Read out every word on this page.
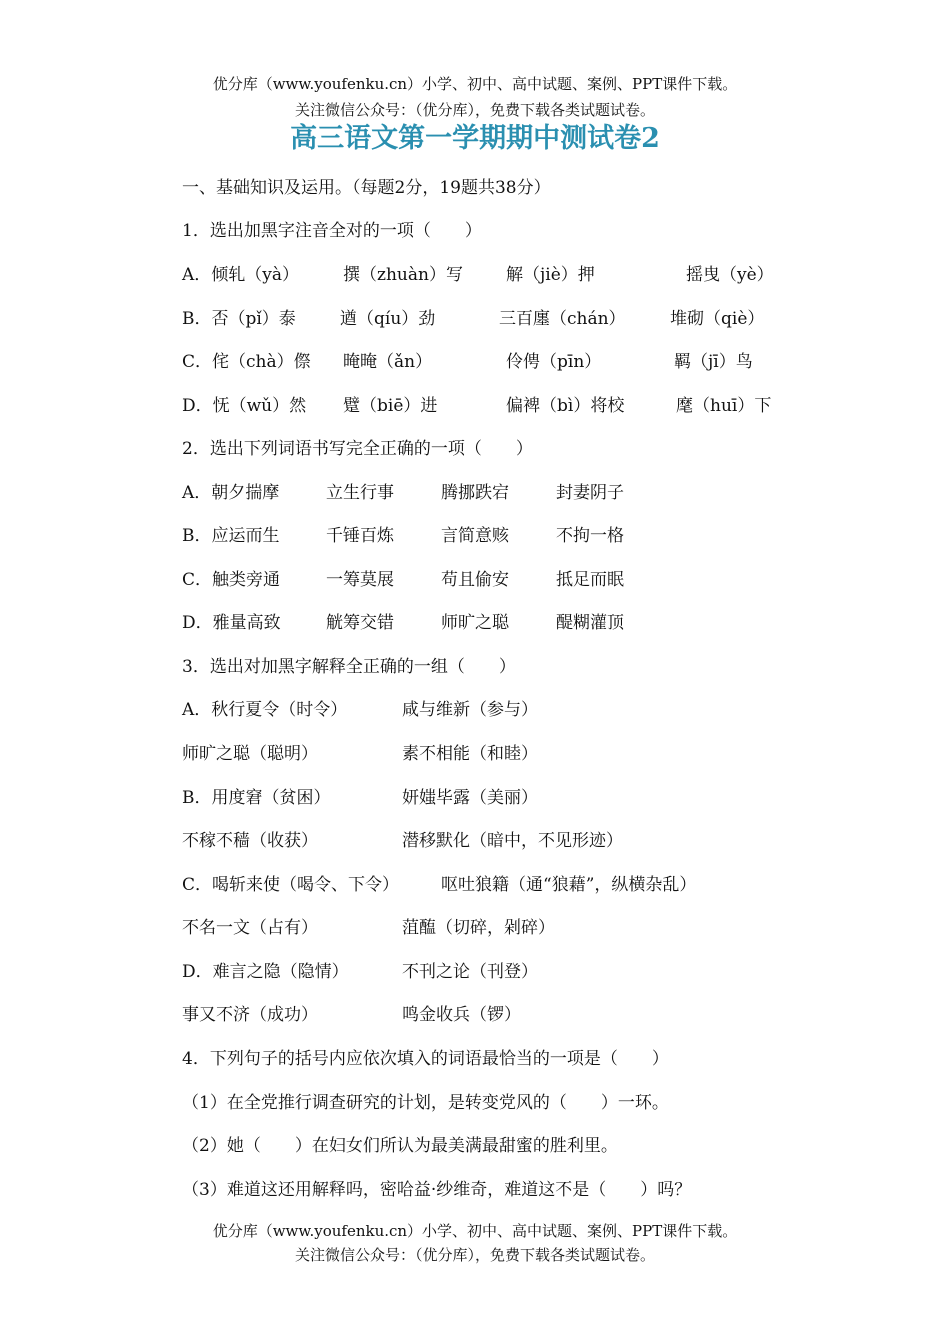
优分库（www.youfenku.cn）小学、初中、高中试题、案例、PPT课件下载。
关注微信公众号：（优分库），免费下载各类试题试卷。
高三语文第一学期期中测试卷2
一、基础知识及运用。（每题2分，19题共38分）
1．选出加黑字注音全对的一项（　　）
A．倾轧（yà）	撰（zhuàn）写	解（jiè）押	摇曳（yè）
B．否（pǐ）泰	遒（qíu）劲	三百廛（chán）	堆砌（qiè）
C．侘（chà）傺 晻晻（ǎn）	伶俜（pīn）	羁（jī）鸟
D．怃（wǔ）然 躄（biē）进	偏裨（bì）将校	麾（huī）下
2．选出下列词语书写完全正确的一项（　　）
A．朝夕揣摩	立生行事	腾挪跌宕	封妻阴子
B．应运而生	千锤百炼	言简意赅	不拘一格
C．触类旁通	一筹莫展	苟且偷安	抵足而眠
D．雅量高致	觥筹交错	师旷之聪	醍糊灌顶
3．选出对加黑字解释全正确的一组（　　）
A．秋行夏令（时令）	咸与维新（参与）
师旷之聪（聪明）	素不相能（和睦）
B．用度窘（贫困）	妍媸毕露（美丽）
不稼不穑（收获）	潜移默化（暗中，不见形迹）
C．喝斩来使（喝令、下令） 呕吐狼籍（通“狼藉”，纵横杂乱）
不名一文（占有）	菹醢（切碎，剁碎）
D．难言之隐（隐情）	不刊之论（刊登）
事又不济（成功）	鸣金收兵（锣）
4．下列句子的括号内应依次填入的词语最恰当的一项是（　　）
（1）在全党推行调查研究的计划，是转变党风的（　　）一环。
（2）她（　　）在妇女们所认为最美满最甜蜜的胜利里。
（3）难道这还用解释吗，密哈益·纱维奇，难道这不是（　　）吗？
优分库（www.youfenku.cn）小学、初中、高中试题、案例、PPT课件下载。
关注微信公众号：（优分库），免费下载各类试题试卷。
